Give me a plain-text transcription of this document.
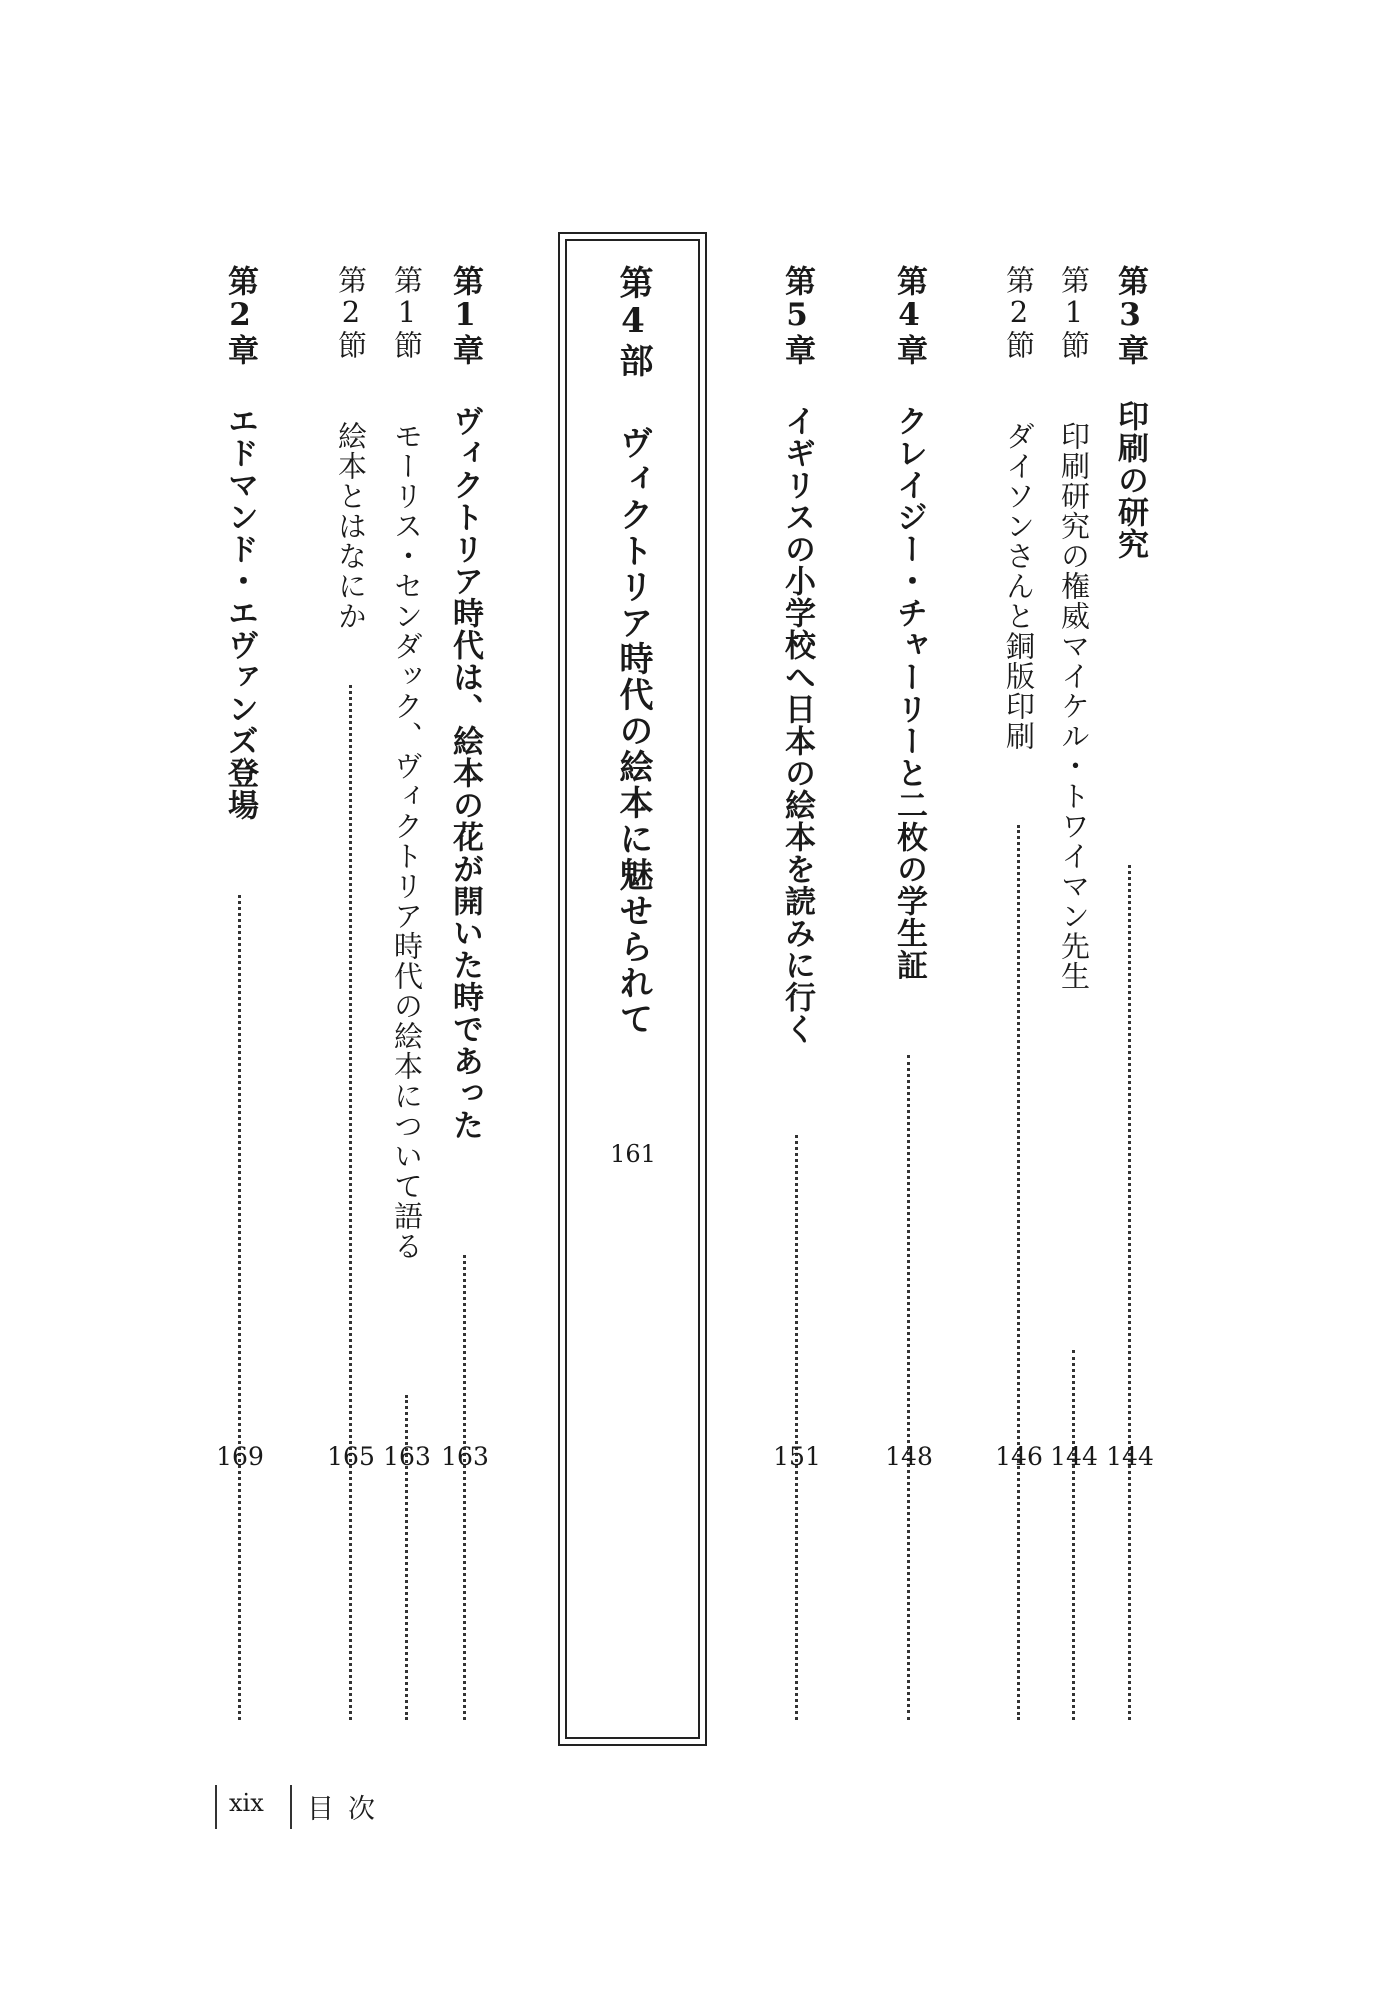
第3章
印刷の研究
144
第1節
印刷研究の権威マイケル・トワイマン先生
144
第2節
ダイソンさんと銅版印刷
146
第4章
クレイジー・チャーリーと二枚の学生証
148
第5章
イギリスの小学校へ日本の絵本を読みに行く
151
第4部
ヴィクトリア時代の絵本に魅せられて
161
第1章
ヴィクトリア時代は、絵本の花が開いた時であった
163
第1節
モーリス・センダック、ヴィクトリア時代の絵本について語る
163
第2節
絵本とはなにか
165
第2章
エドマンド・エヴァンズ登場
169
xix 目次
